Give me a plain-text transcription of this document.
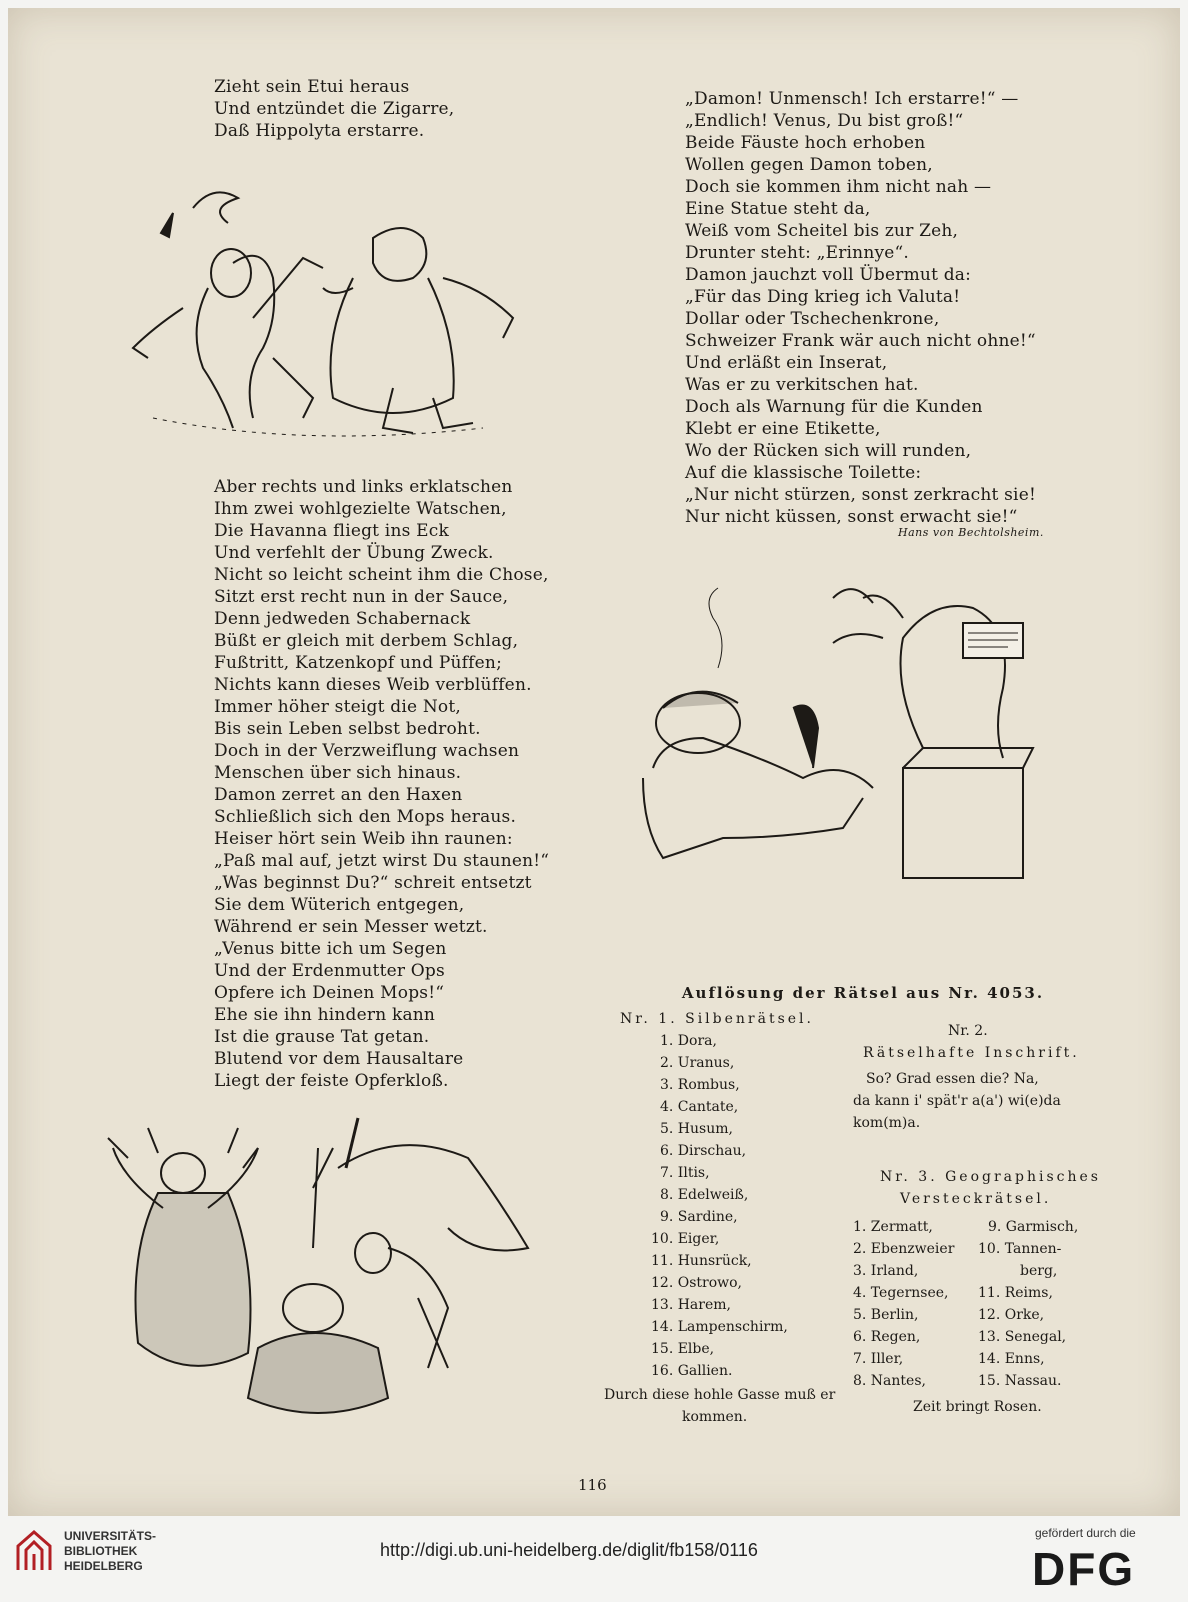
Zieht sein Etui heraus
Und entzündet die Zigarre,
Daß Hippolyta erstarre.
Aber rechts und links erklatschen
Ihm zwei wohlgezielte Watschen,
Die Havanna fliegt ins Eck
Und verfehlt der Übung Zweck.
Nicht so leicht scheint ihm die Chose,
Sitzt erst recht nun in der Sauce,
Denn jedweden Schabernack
Büßt er gleich mit derbem Schlag,
Fußtritt, Katzenkopf und Püffen;
Nichts kann dieses Weib verblüffen.
Immer höher steigt die Not,
Bis sein Leben selbst bedroht.
Doch in der Verzweiflung wachsen
Menschen über sich hinaus.
Damon zerret an den Haxen
Schließlich sich den Mops heraus.
Heiser hört sein Weib ihn raunen:
„Paß mal auf, jetzt wirst Du staunen!“
„Was beginnst Du?“ schreit entsetzt
Sie dem Wüterich entgegen,
Während er sein Messer wetzt.
„Venus bitte ich um Segen
Und der Erdenmutter Ops
Opfere ich Deinen Mops!“
Ehe sie ihn hindern kann
Ist die grause Tat getan.
Blutend vor dem Hausaltare
Liegt der feiste Opferkloß.
„Damon! Unmensch! Ich erstarre!“ —
„Endlich! Venus, Du bist groß!“
Beide Fäuste hoch erhoben
Wollen gegen Damon toben,
Doch sie kommen ihm nicht nah —
Eine Statue steht da,
Weiß vom Scheitel bis zur Zeh,
Drunter steht: „Erinnye“.
Damon jauchzt voll Übermut da:
„Für das Ding krieg ich Valuta!
Dollar oder Tschechenkrone,
Schweizer Frank wär auch nicht ohne!“
Und erläßt ein Inserat,
Was er zu verkitschen hat.
Doch als Warnung für die Kunden
Klebt er eine Etikette,
Wo der Rücken sich will runden,
Auf die klassische Toilette:
„Nur nicht stürzen, sonst zerkracht sie!
Nur nicht küssen, sonst erwacht sie!“
Hans von Bechtolsheim.
Auflösung der Rätsel aus Nr. 4053.
Nr. 1. Silbenrätsel.
1. Dora,
2. Uranus,
3. Rombus,
4. Cantate,
5. Husum,
6. Dirschau,
7. Iltis,
8. Edelweiß,
9. Sardine,
10. Eiger,
11. Hunsrück,
12. Ostrowo,
13. Harem,
14. Lampenschirm,
15. Elbe,
16. Gallien.
Durch diese hohle Gasse muß er
kommen.
Nr. 2.
Rätselhafte Inschrift.
So? Grad essen die? Na,
da kann i' spät'r a(a') wi(e)da
kom(m)a.
Nr. 3. Geographisches
Versteckrätsel.
1. Zermatt,
2. Ebenzweier
3. Irland,
4. Tegernsee,
5. Berlin,
6. Regen,
7. Iller,
8. Nantes,
9. Garmisch,
10. Tannen-
berg,
11. Reims,
12. Orke,
13. Senegal,
14. Enns,
15. Nassau.
Zeit bringt Rosen.
116
UNIVERSITÄTS-
BIBLIOTHEK
HEIDELBERG
http://digi.ub.uni-heidelberg.de/diglit/fb158/0116
gefördert durch die
DFG
